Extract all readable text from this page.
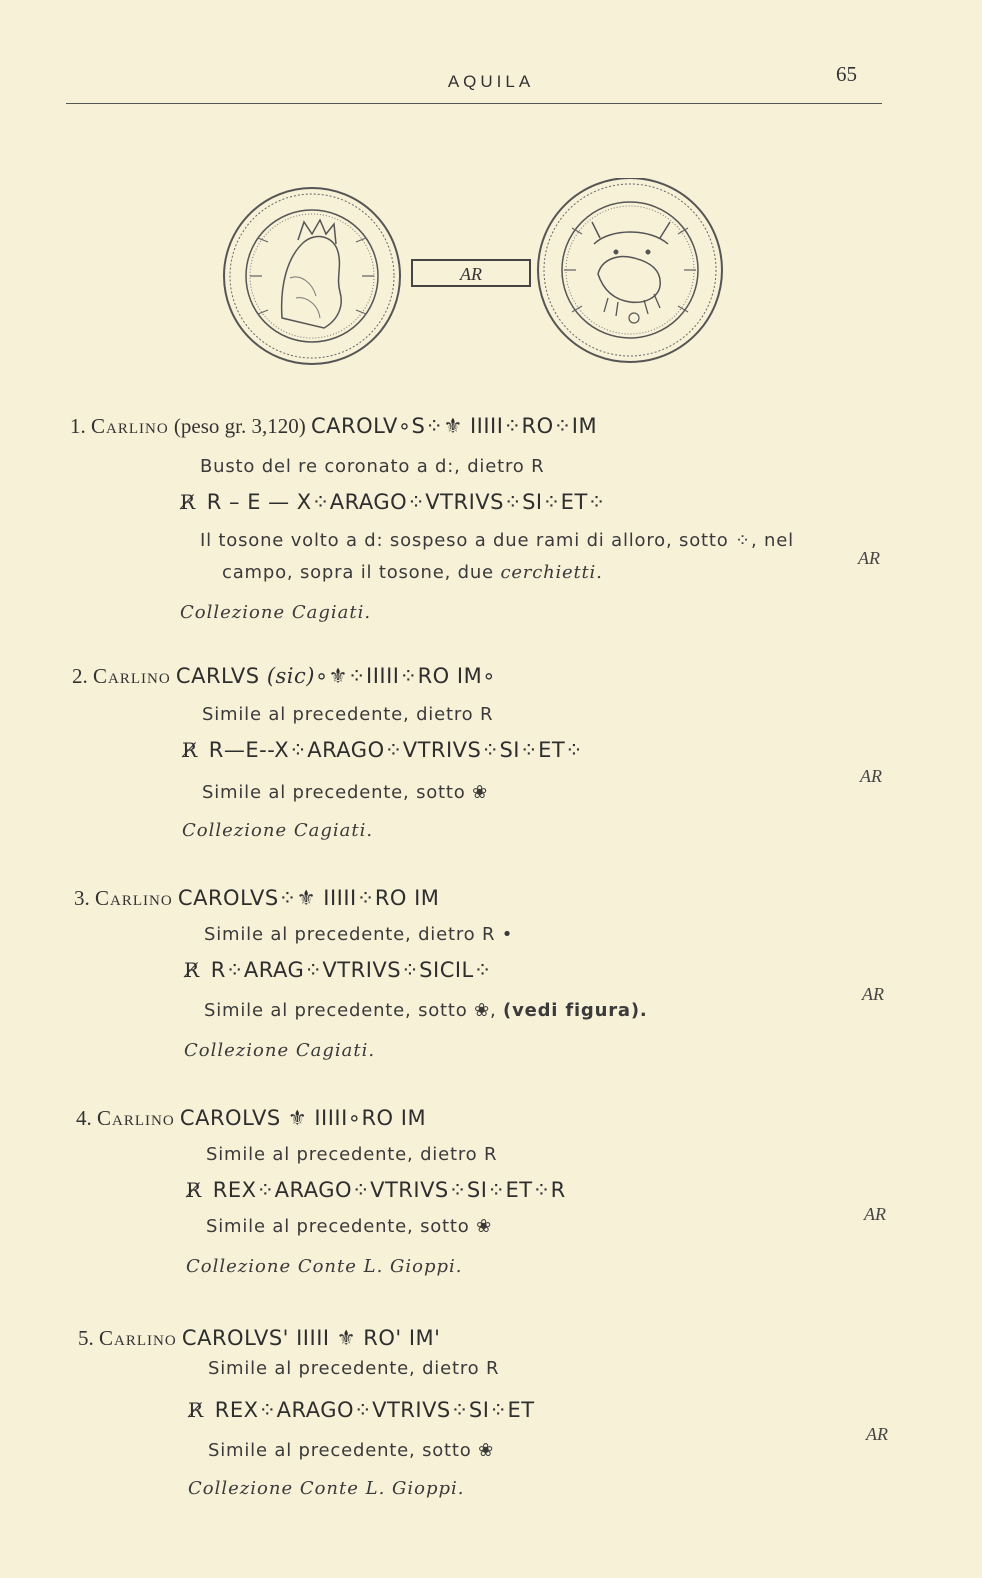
AQUILA	65
AR
1. Carlino (peso gr. 3,120) CAROLV∘S⁘⚜ IIIII⁘RO⁘IM
Busto del re coronato a d:, dietro R
R̸ R – E — X⁘ARAGO⁘VTRIVS⁘SI⁘ET⁘
Il tosone volto a d: sospeso a due rami di alloro, sotto ⁘, nel
campo, sopra il tosone, due cerchietti.
AR
Collezione Cagiati.
2. Carlino CARLVS (sic)∘⚜⁘IIIII⁘RO IM∘
Simile al precedente, dietro R
R̸ R—E--X⁘ARAGO⁘VTRIVS⁘SI⁘ET⁘
Simile al precedente, sotto ❀
AR
Collezione Cagiati.
3. Carlino CAROLVS⁘⚜ IIIII⁘RO IM
Simile al precedente, dietro R •
R̸ R⁘ARAG⁘VTRIVS⁘SICIL⁘
Simile al precedente, sotto ❀, (vedi figura).
AR
Collezione Cagiati.
4. Carlino CAROLVS ⚜ IIIII∘RO IM
Simile al precedente, dietro R
R̸ REX⁘ARAGO⁘VTRIVS⁘SI⁘ET⁘R
Simile al precedente, sotto ❀
AR
Collezione Conte L. Gioppi.
5. Carlino CAROLVS' IIIII ⚜ RO' IM'
Simile al precedente, dietro R
R̸ REX⁘ARAGO⁘VTRIVS⁘SI⁘ET
Simile al precedente, sotto ❀
AR
Collezione Conte L. Gioppi.
